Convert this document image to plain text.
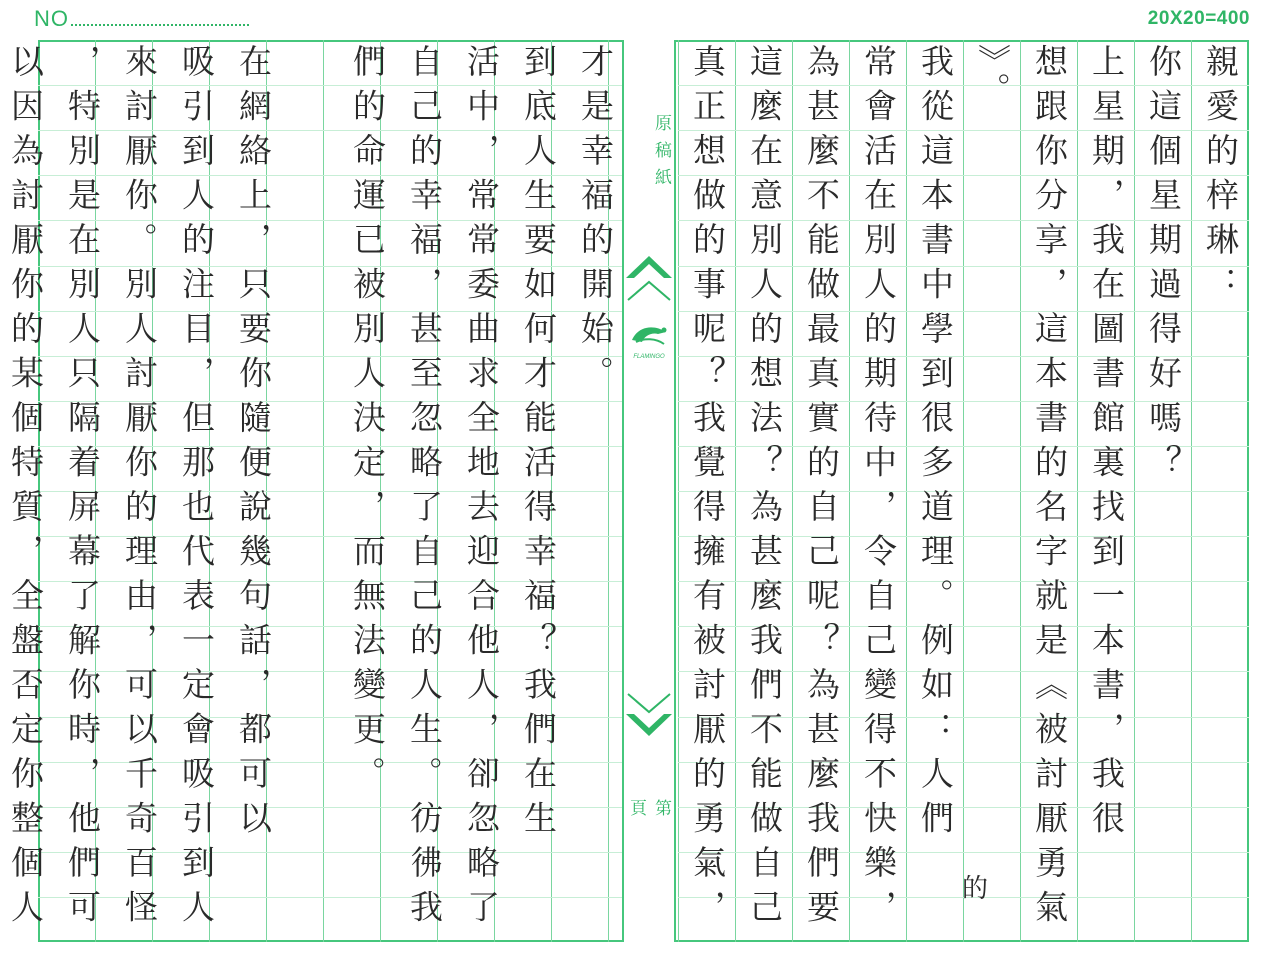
NO	20X20=400
原稿紙
FLAMINGO
第頁
親愛的梓琳：
你這個星期過得好嗎？
上星期，我在圖書館裏找到一本書，我很
想跟你分享，這本書的名字就是《被討厭勇氣
》。
我從這本書中學到很多道理。例如：人們
常會活在別人的期待中，令自己變得不快樂，
為甚麼不能做最真實的自己呢？為甚麼我們要
這麼在意別人的想法？為甚麼我們不能做自己
真正想做的事呢？我覺得擁有被討厭的勇氣，
才是幸福的開始。
到底人生要如何才能活得幸福？我們在生
活中，常常委曲求全地去迎合他人，卻忽略了
自己的幸福，甚至忽略了自己的人生。彷彿我
們的命運已被別人決定，而無法變更。
在網絡上，只要你隨便說幾句話，都可以
吸引到人的注目，但那也代表一定會吸引到人
來討厭你。別人討厭你的理由，可以千奇百怪
，特別是在別人只隔着屏幕了解你時，他們可
以因為討厭你的某個特質，全盤否定你整個人	的
